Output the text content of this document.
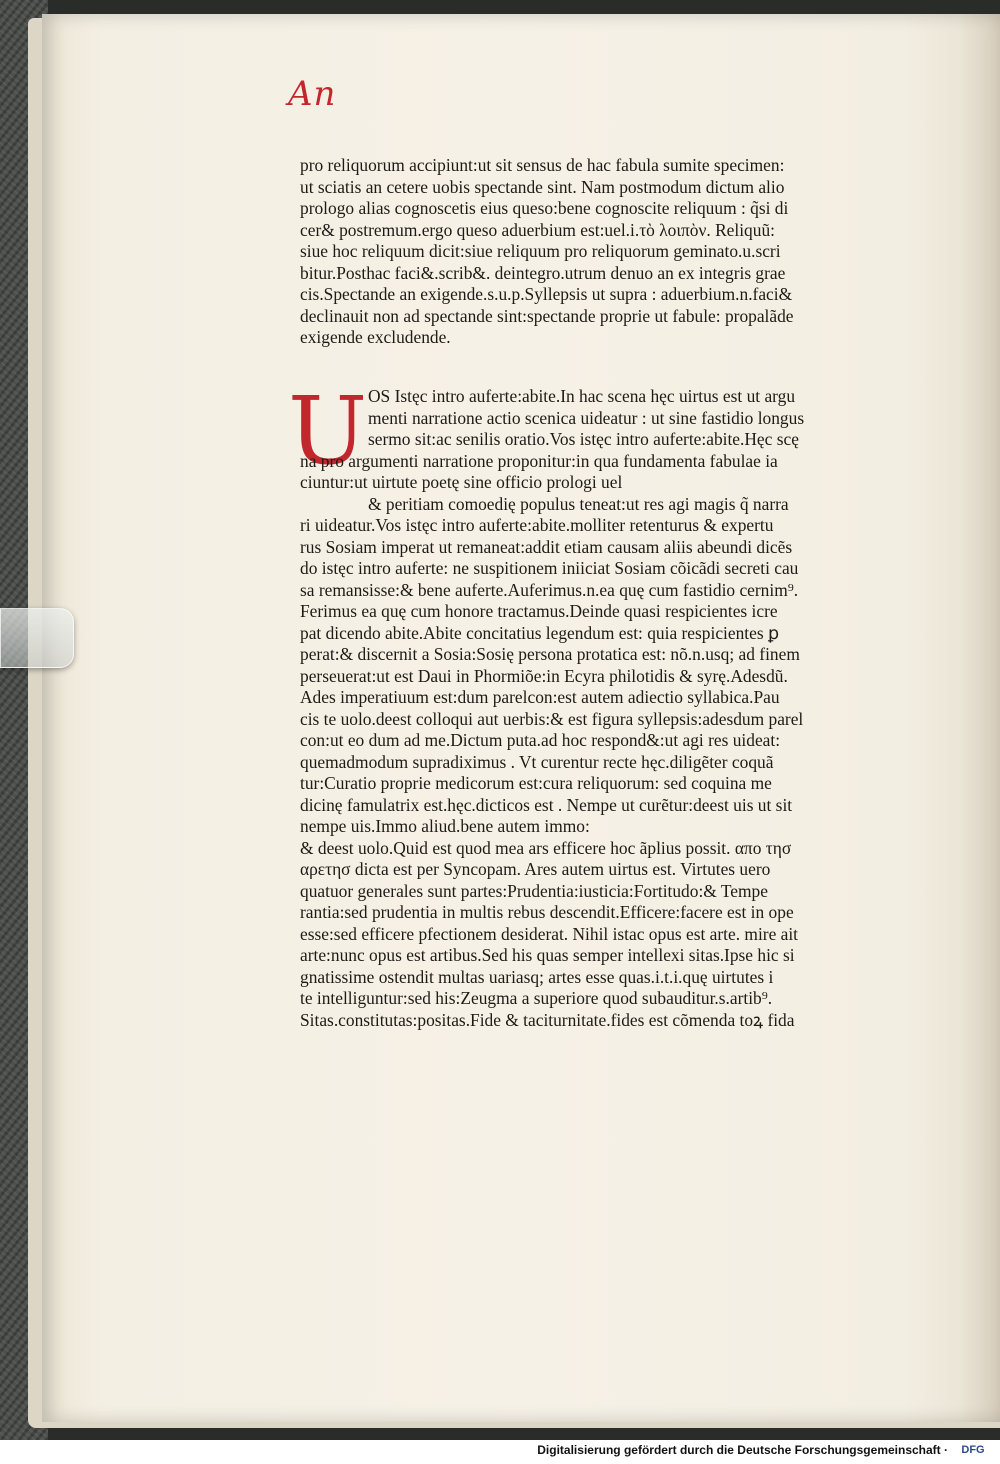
An
pro reliquorum accipiunt:ut sit sensus de hac fabula sumite specimen:
ut sciatis an cetere uobis spectande sint. Nam postmodum dictum alio
prologo alias cognoscetis eius queso:bene cognoscite reliquum : q̃si di
cer& postremum.ergo queso aduerbium est:uel.i.τὸ λοιπὸν. Reliquũ:
siue hoc reliquum dicit:siue reliquum pro reliquorum geminato.u.scri
bitur.Posthac faci&.scrib&. deintegro.utrum denuo an ex integris grae
cis.Spectande an exigende.s.u.p.Syllepsis ut supra : aduerbium.n.faci&
declinauit non ad spectande sint:spectande proprie ut fabule: propalãde
exigende excludende.
U OS Istęc intro auferte:abite.In hac scena hęc uirtus est ut argu
menti narratione actio scenica uideatur : ut sine fastidio longus
sermo sit:ac senilis oratio.Vos istęc intro auferte:abite.Hęc scę
na pro argumenti narratione proponitur:in qua fundamenta fabulae ia
ciuntur:ut uirtute poetę sine officio prologi uel
& peritiam comoedię populus teneat:ut res agi magis q̃ narra
ri uideatur.Vos istęc intro auferte:abite.molliter retenturus & expertu
rus Sosiam imperat ut remaneat:addit etiam causam aliis abeundi dicẽs
do istęc intro auferte: ne suspitionem iniiciat Sosiam cõicãdi secreti cau
sa remansisse:& bene auferte.Auferimus.n.ea quę cum fastidio cernim⁹.
Ferimus ea quę cum honore tractamus.Deinde quasi respicientes icre
pat dicendo abite.Abite concitatius legendum est: quia respicientes ꝑ
perat:& discernit a Sosia:Sosię persona protatica est: nõ.n.usq; ad finem
perseuerat:ut est Daui in Phormiõe:in Ecyra philotidis & syrę.Adesdũ.
Ades imperatiuum est:dum parelcon:est autem adiectio syllabica.Pau
cis te uolo.deest colloqui aut uerbis:& est figura syllepsis:adesdum parel
con:ut eo dum ad me.Dictum puta.ad hoc respond&:ut agi res uideat:
quemadmodum supradiximus . Vt curentur recte hęc.diligẽter coquã
tur:Curatio proprie medicorum est:cura reliquorum: sed coquina me
dicinę famulatrix est.hęc.dicticos est . Nempe ut curẽtur:deest uis ut sit
nempe uis.Immo aliud.bene autem immo:
& deest uolo.Quid est quod mea ars efficere hoc ãplius possit. απο τησ
αρετησ dicta est per Syncopam. Ares autem uirtus est. Virtutes uero
quatuor generales sunt partes:Prudentia:iusticia:Fortitudo:& Tempe
rantia:sed prudentia in multis rebus descendit.Efficere:facere est in ope
esse:sed efficere pfectionem desiderat. Nihil istac opus est arte. mire ait
arte:nunc opus est artibus.Sed his quas semper intellexi sitas.Ipse hic si
gnatissime ostendit multas uariasq; artes esse quas.i.t.i.quę uirtutes i
te intelliguntur:sed his:Zeugma a superiore quod subauditur.s.artib⁹.
Sitas.constitutas:positas.Fide & taciturnitate.fides est cõmenda toꝝ fida
Digitalisierung gefördert durch die Deutsche Forschungsgemeinschaft ·	DFG
